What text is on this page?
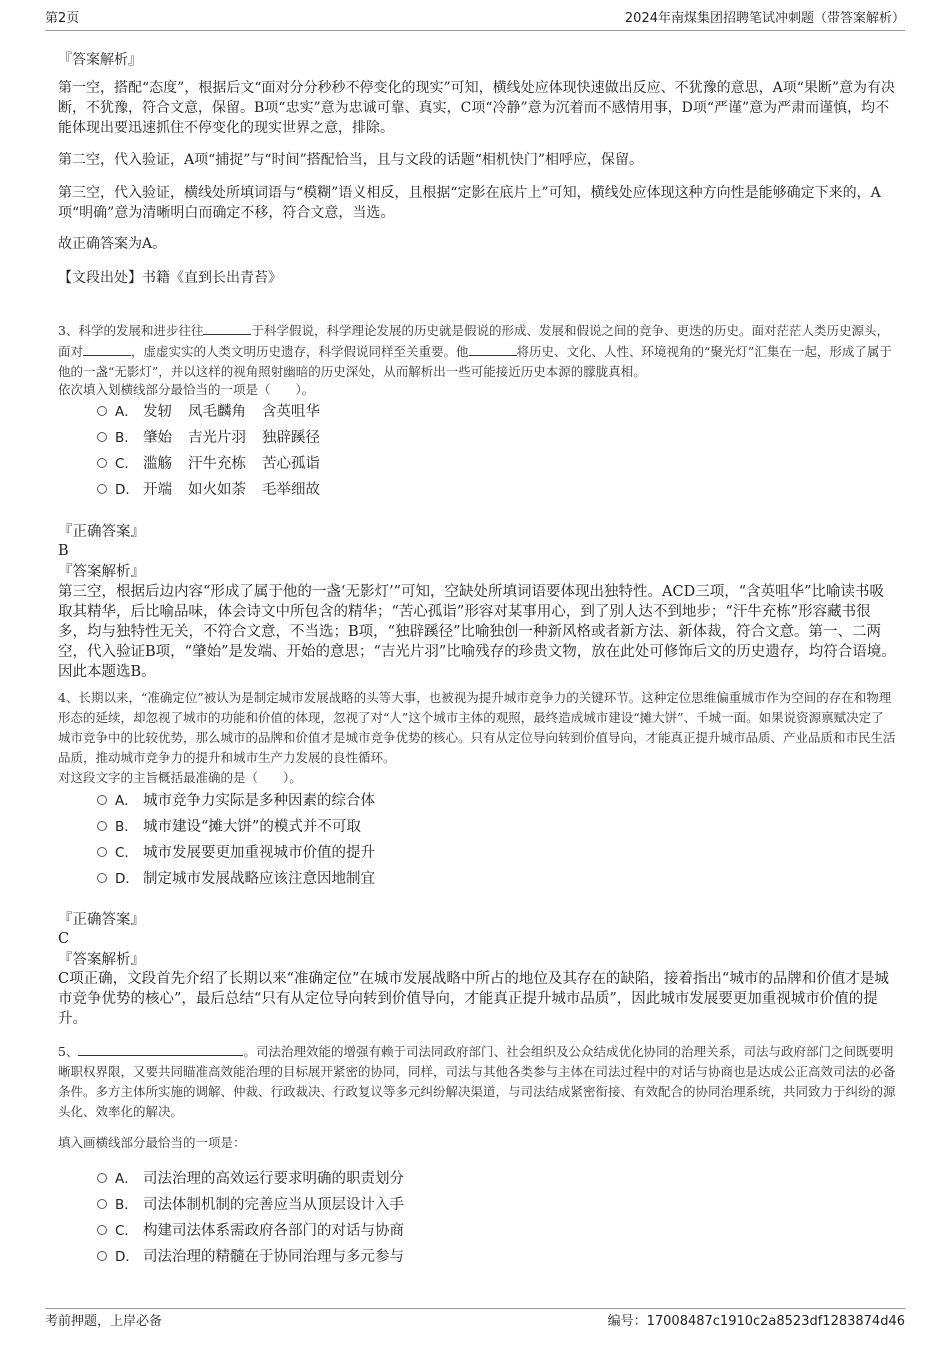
第2页	2024年南煤集团招聘笔试冲刺题（带答案解析）
『答案解析』
第一空，搭配“态度”，根据后文“面对分分秒秒不停变化的现实”可知，横线处应体现快速做出反应、不犹豫的意思，A项“果断”意为有决断，不犹豫，符合文意，保留。B项“忠实”意为忠诚可靠、真实，C项“冷静”意为沉着而不感情用事，D项“严谨”意为严肃而谨慎，均不能体现出要迅速抓住不停变化的现实世界之意，排除。
第二空，代入验证，A项“捕捉”与“时间”搭配恰当，且与文段的话题“相机快门”相呼应，保留。
第三空，代入验证，横线处所填词语与“模糊”语义相反，且根据“定影在底片上”可知，横线处应体现这种方向性是能够确定下来的，A项“明确”意为清晰明白而确定不移，符合文意，当选。
故正确答案为A。
【文段出处】书籍《直到长出青苔》
3、科学的发展和进步往往	于科学假说，科学理论发展的历史就是假说的形成、发展和假说之间的竞争、更迭的历史。面对茫茫人类历史源头，面对	，虚虚实实的人类文明历史遗存，科学假说同样至关重要。他	将历史、文化、人性、环境视角的“聚光灯”汇集在一起，形成了属于他的一盏“无影灯”，并以这样的视角照射幽暗的历史深处，从而解析出一些可能接近历史本源的朦胧真相。
依次填入划横线部分最恰当的一项是（　　）。
A． 发轫 凤毛麟角 含英咀华
B． 肇始 吉光片羽 独辟蹊径
C． 滥觞 汗牛充栋 苦心孤诣
D． 开端 如火如荼 毛举细故
『正确答案』
B
『答案解析』
第三空，根据后边内容“形成了属于他的一盏‘无影灯’”可知，空缺处所填词语要体现出独特性。ACD三项，“含英咀华”比喻读书吸取其精华，后比喻品味，体会诗文中所包含的精华；“苦心孤诣”形容对某事用心，到了别人达不到地步；“汗牛充栋”形容藏书很多，均与独特性无关，不符合文意，不当选；B项，“独辟蹊径”比喻独创一种新风格或者新方法、新体裁，符合文意。第一、二两空，代入验证B项，“肇始”是发端、开始的意思；“吉光片羽”比喻残存的珍贵文物，放在此处可修饰后文的历史遗存，均符合语境。因此本题选B。
4、长期以来，“准确定位”被认为是制定城市发展战略的头等大事，也被视为提升城市竞争力的关键环节。这种定位思维偏重城市作为空间的存在和物理形态的延续，却忽视了城市的功能和价值的体现，忽视了对“人”这个城市主体的观照，最终造成城市建设“摊大饼”、千城一面。如果说资源禀赋决定了城市竞争中的比较优势，那么城市的品牌和价值才是城市竞争优势的核心。只有从定位导向转到价值导向，才能真正提升城市品质、产业品质和市民生活品质，推动城市竞争力的提升和城市生产力发展的良性循环。
对这段文字的主旨概括最准确的是（　　）。
A． 城市竞争力实际是多种因素的综合体
B． 城市建设“摊大饼”的模式并不可取
C． 城市发展要更加重视城市价值的提升
D． 制定城市发展战略应该注意因地制宜
『正确答案』
C
『答案解析』
C项正确，文段首先介绍了长期以来“准确定位”在城市发展战略中所占的地位及其存在的缺陷，接着指出“城市的品牌和价值才是城市竞争优势的核心”，最后总结“只有从定位导向转到价值导向，才能真正提升城市品质”，因此城市发展要更加重视城市价值的提升。
5、	。司法治理效能的增强有赖于司法同政府部门、社会组织及公众结成优化协同的治理关系，司法与政府部门之间既要明晰职权界限，又要共同瞄准高效能治理的目标展开紧密的协同，同样，司法与其他各类参与主体在司法过程中的对话与协商也是达成公正高效司法的必备条件。多方主体所实施的调解、仲裁、行政裁决、行政复议等多元纠纷解决渠道，与司法结成紧密衔接、有效配合的协同治理系统，共同致力于纠纷的源头化、效率化的解决。
填入画横线部分最恰当的一项是：
A． 司法治理的高效运行要求明确的职责划分
B． 司法体制机制的完善应当从顶层设计入手
C． 构建司法体系需政府各部门的对话与协商
D． 司法治理的精髓在于协同治理与多元参与
考前押题，上岸必备	编号：17008487c1910c2a8523df1283874d46
